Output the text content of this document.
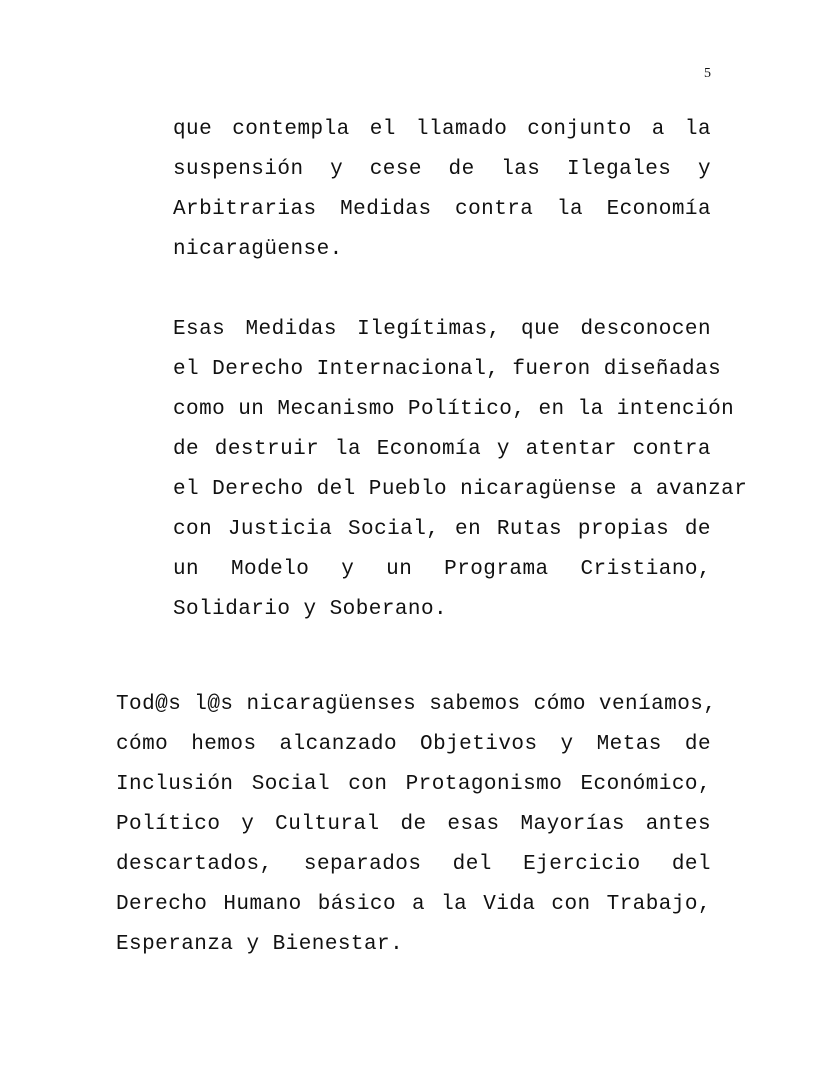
5

que contempla el llamado conjunto a la
suspensión y cese de las Ilegales y
Arbitrarias Medidas contra la Economía
nicaragüense.

Esas Medidas Ilegítimas, que desconocen
el Derecho Internacional, fueron diseñadas
como un Mecanismo Político, en la intención
de destruir la Economía y atentar contra
el Derecho del Pueblo nicaragüense a avanzar
con Justicia Social, en Rutas propias de
un Modelo y un Programa Cristiano,
Solidario y Soberano.

Tod@s l@s nicaragüenses sabemos cómo veníamos,
cómo hemos alcanzado Objetivos y Metas de
Inclusión Social con Protagonismo Económico,
Político y Cultural de esas Mayorías antes
descartados, separados del Ejercicio del
Derecho Humano básico a la Vida con Trabajo,
Esperanza y Bienestar.
